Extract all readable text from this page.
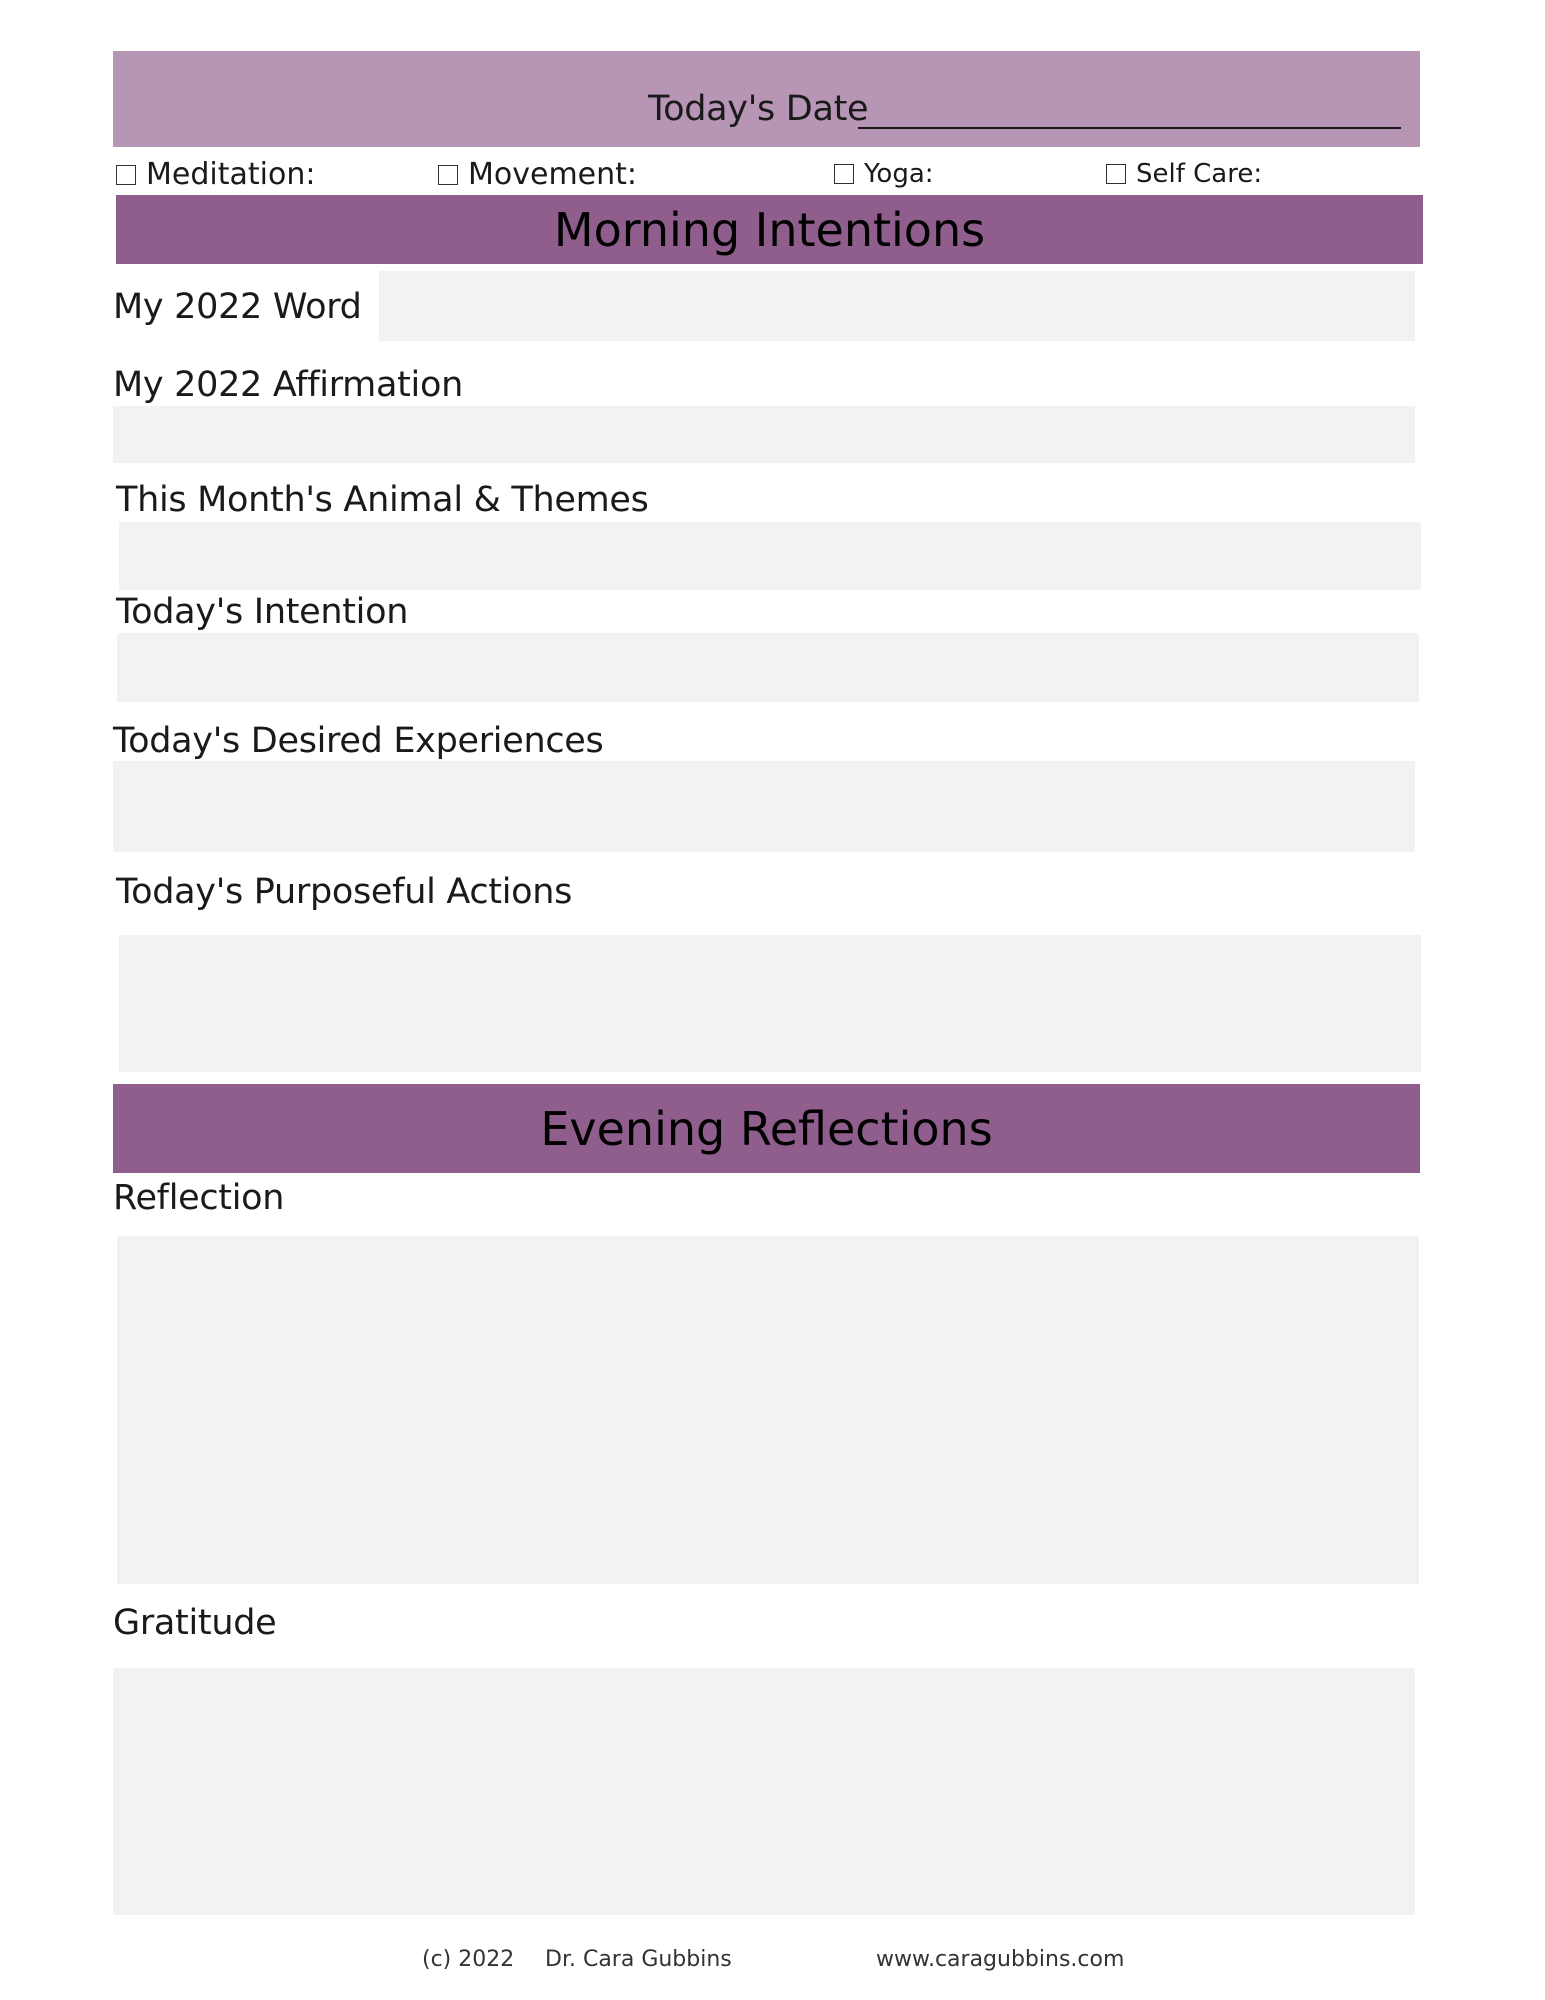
Today's Date
Meditation:	Movement:	Yoga:	Self Care:
Morning Intentions
My 2022 Word
My 2022 Affirmation
This Month's Animal & Themes
Today's Intention
Today's Desired Experiences
Today's Purposeful Actions
Evening Reflections
Reflection
Gratitude
(c) 2022 Dr. Cara Gubbins	www.caragubbins.com
